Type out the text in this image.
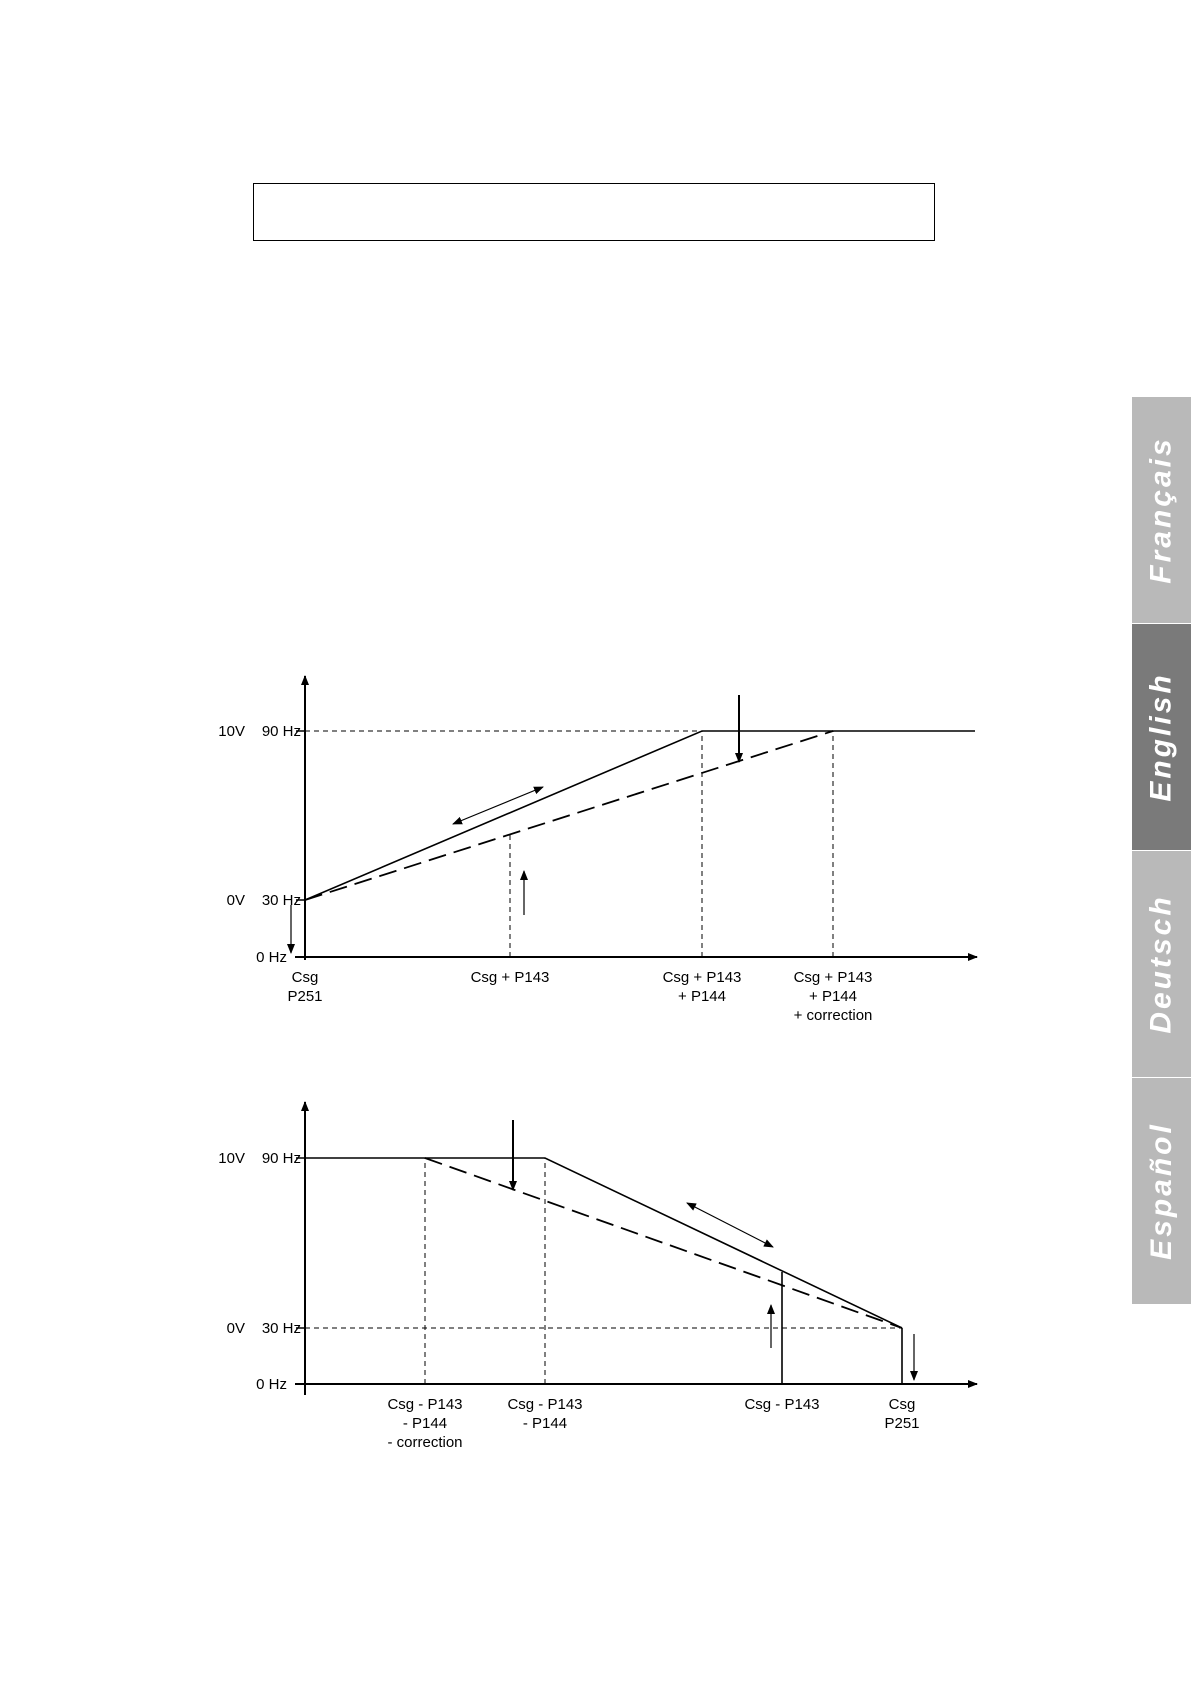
Français
English
Deutsch
Español
10V 90 Hz
0V 30 Hz
0 Hz
Csg P251
Csg + P143	Csg + P143 + P144
Csg + P143 + P144 + correction
10V 90 Hz
0V 30 Hz
0 Hz
Csg - P143 - P144 - correction
Csg - P143 - P144
Csg - P143	Csg P251
